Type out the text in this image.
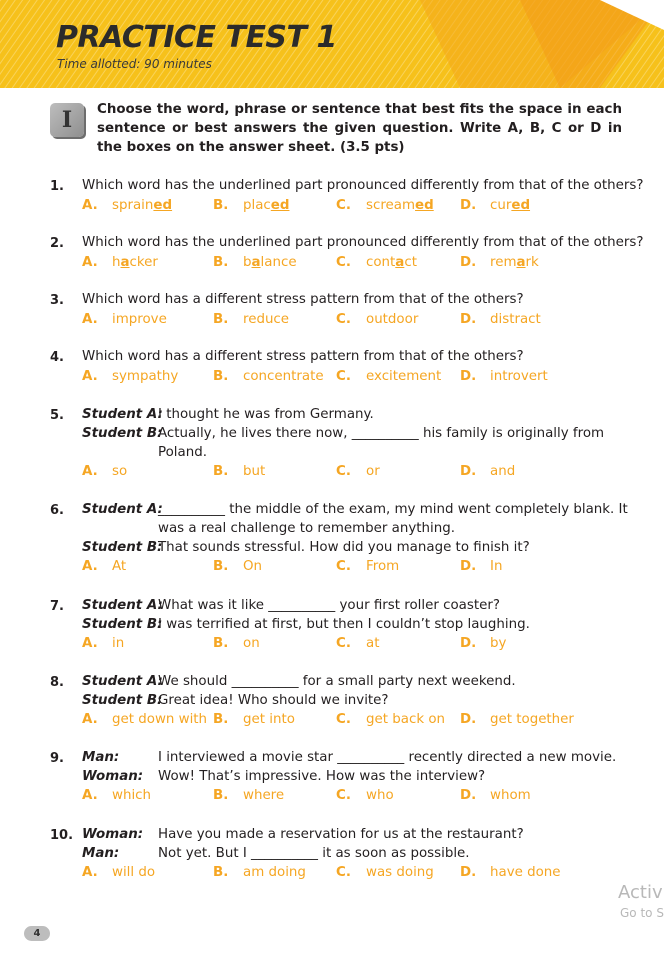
PRACTICE TEST 1
Time allotted: 90 minutes
I	Choose the word, phrase or sentence that best fits the space in each sentence or best answers the given question. Write A, B, C or D in the boxes on the answer sheet. (3.5 pts)
1. Which word has the underlined part pronounced differently from that of the others?
A. sprained	B. placed	C. screamed D. cured
2. Which word has the underlined part pronounced differently from that of the others?
A. hacker	B. balance	C. contact	D. remark
3. Which word has a different stress pattern from that of the others?
A. improve	B. reduce	C. outdoor	D. distract
4. Which word has a different stress pattern from that of the others?
A. sympathy	B. concentrate C. excitement D. introvert
5. Student A:I thought he was from Germany.
Student B:Actually, he lives there now, __________ his family is originally from
Poland.
A. so	B. but	C. or	D. and
6. Student A:__________ the middle of the exam, my mind went completely blank. It
was a real challenge to remember anything.
Student B:That sounds stressful. How did you manage to finish it?
A. At	B. On	C. From	D. In
7. Student A:What was it like __________ your first roller coaster?
Student B:I was terrified at first, but then I couldn’t stop laughing.
A. in	B. on	C. at	D. by
8. Student A:We should __________ for a small party next weekend.
Student B:Great idea! Who should we invite?
A. get down with B. get into	C. get back on D. get together
9. Man:	I interviewed a movie star __________ recently directed a new movie.
Woman: Wow! That’s impressive. How was the interview?
A. which	B. where	C. who	D. whom
10. Woman: Have you made a reservation for us at the restaurant?
Man:	Not yet. But I __________ it as soon as possible.
A. will do	B. am doing C. was doing D. have done
Activ
Go to S
4
